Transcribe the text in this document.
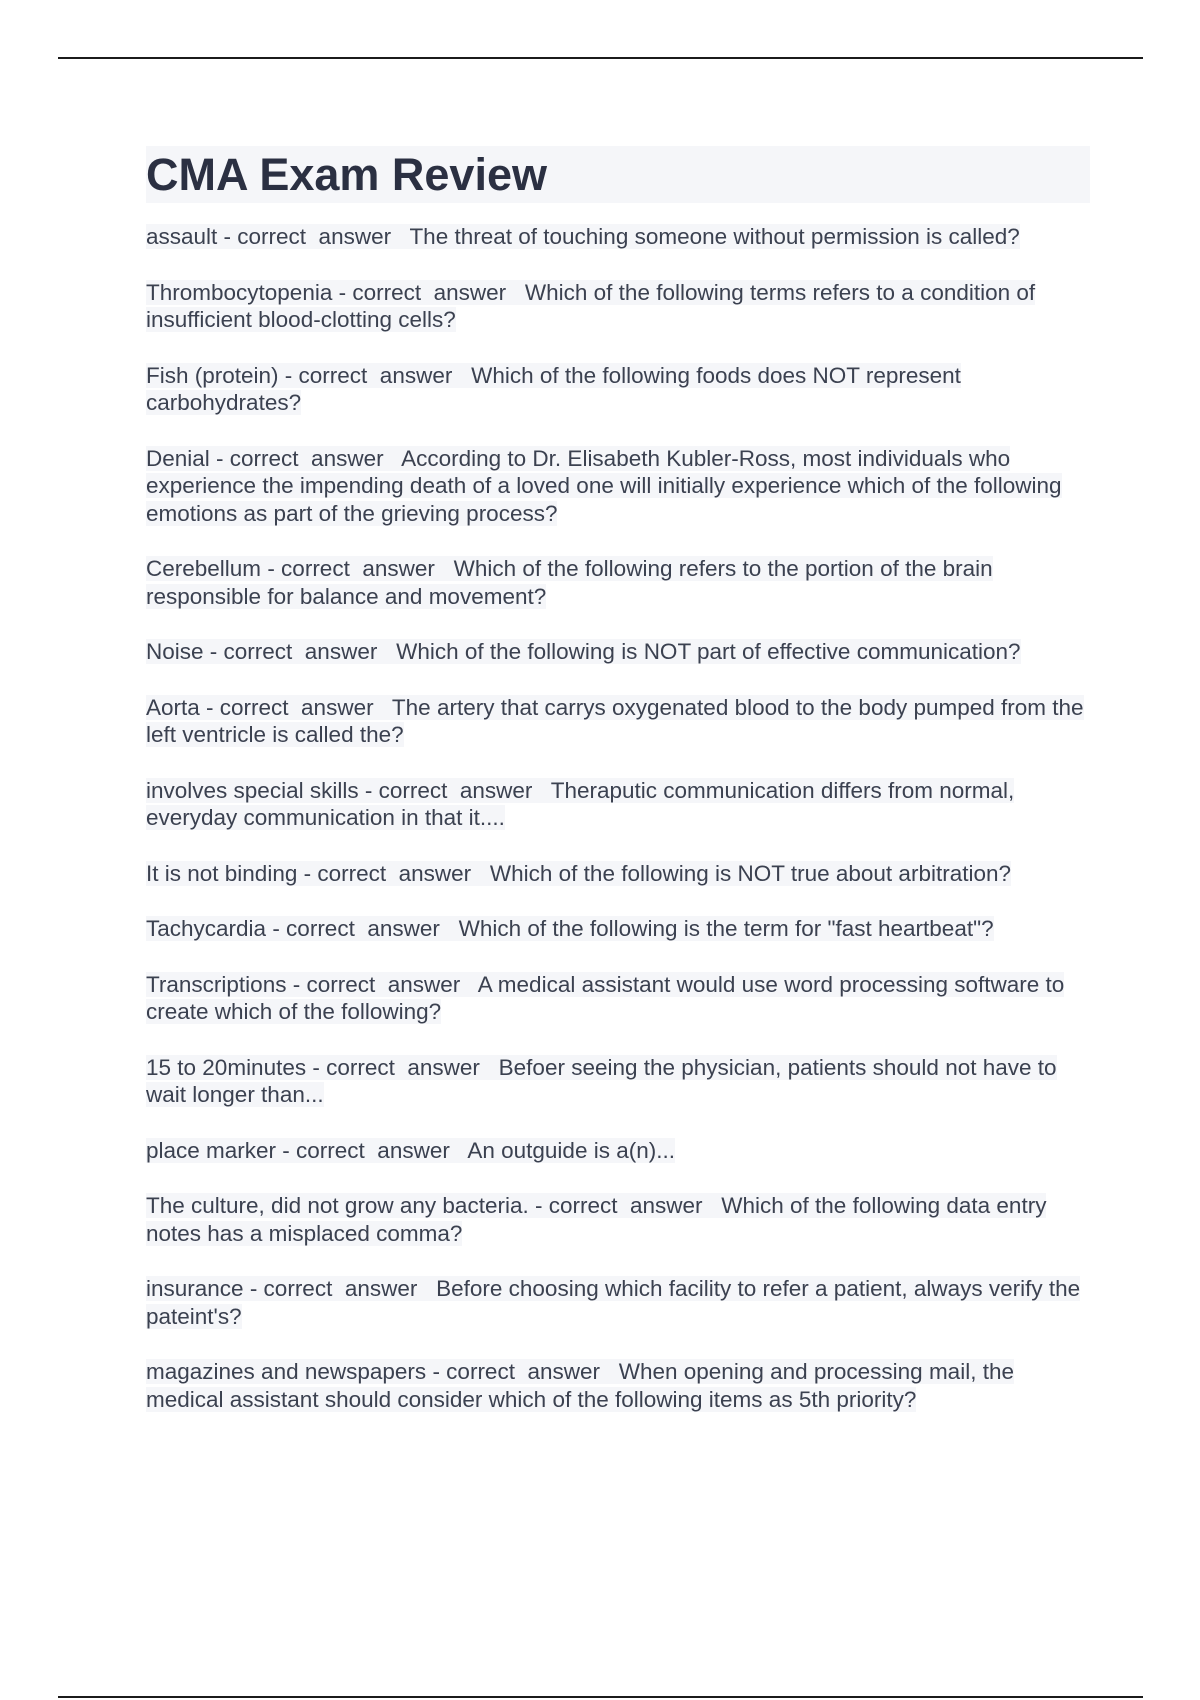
CMA Exam Review
assault - correct  answer   The threat of touching someone without permission is called?
Thrombocytopenia - correct  answer   Which of the following terms refers to a condition of insufficient blood-clotting cells?
Fish (protein) - correct  answer   Which of the following foods does NOT represent carbohydrates?
Denial - correct  answer   According to Dr. Elisabeth Kubler-Ross, most individuals who experience the impending death of a loved one will initially experience which of the following emotions as part of the grieving process?
Cerebellum - correct  answer   Which of the following refers to the portion of the brain responsible for balance and movement?
Noise - correct  answer   Which of the following is NOT part of effective communication?
Aorta - correct  answer   The artery that carrys oxygenated blood to the body pumped from the left ventricle is called the?
involves special skills - correct  answer   Theraputic communication differs from normal, everyday communication in that it....
It is not binding - correct  answer   Which of the following is NOT true about arbitration?
Tachycardia - correct  answer   Which of the following is the term for "fast heartbeat"?
Transcriptions - correct  answer   A medical assistant would use word processing software to create which of the following?
15 to 20minutes - correct  answer   Befoer seeing the physician, patients should not have to wait longer than...
place marker - correct  answer   An outguide is a(n)...
The culture, did not grow any bacteria. - correct  answer   Which of the following data entry notes has a misplaced comma?
insurance - correct  answer   Before choosing which facility to refer a patient, always verify the pateint's?
magazines and newspapers - correct  answer   When opening and processing mail, the medical assistant should consider which of the following items as 5th priority?
